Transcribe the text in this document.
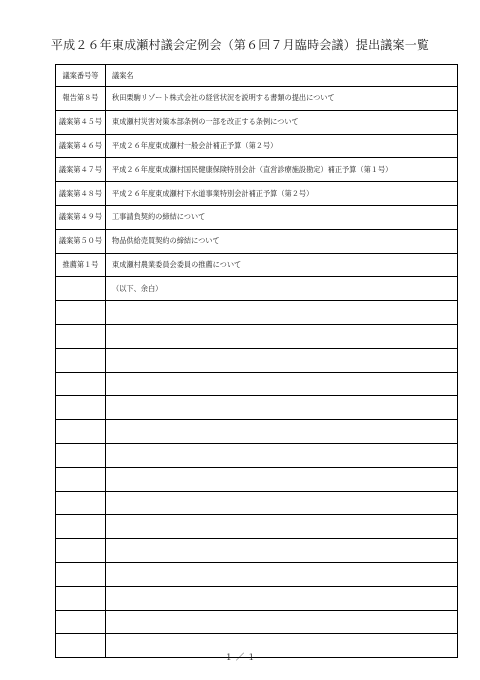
平成２６年東成瀬村議会定例会（第６回７月臨時会議）提出議案一覧
議案番号等	議案名
報告第８号	秋田栗駒リゾート株式会社の経営状況を説明する書類の提出について
議案第４５号	東成瀬村災害対策本部条例の一部を改正する条例について
議案第４６号	平成２６年度東成瀬村一般会計補正予算（第２号）
議案第４７号	平成２６年度東成瀬村国民健康保険特別会計（直営診療施設勘定）補正予算（第１号）
議案第４８号	平成２６年度東成瀬村下水道事業特別会計補正予算（第２号）
議案第４９号	工事請負契約の締結について
議案第５０号	物品供給売買契約の締結について
推薦第１号	東成瀬村農業委員会委員の推薦について
	（以下、余白）

１ ／ １
